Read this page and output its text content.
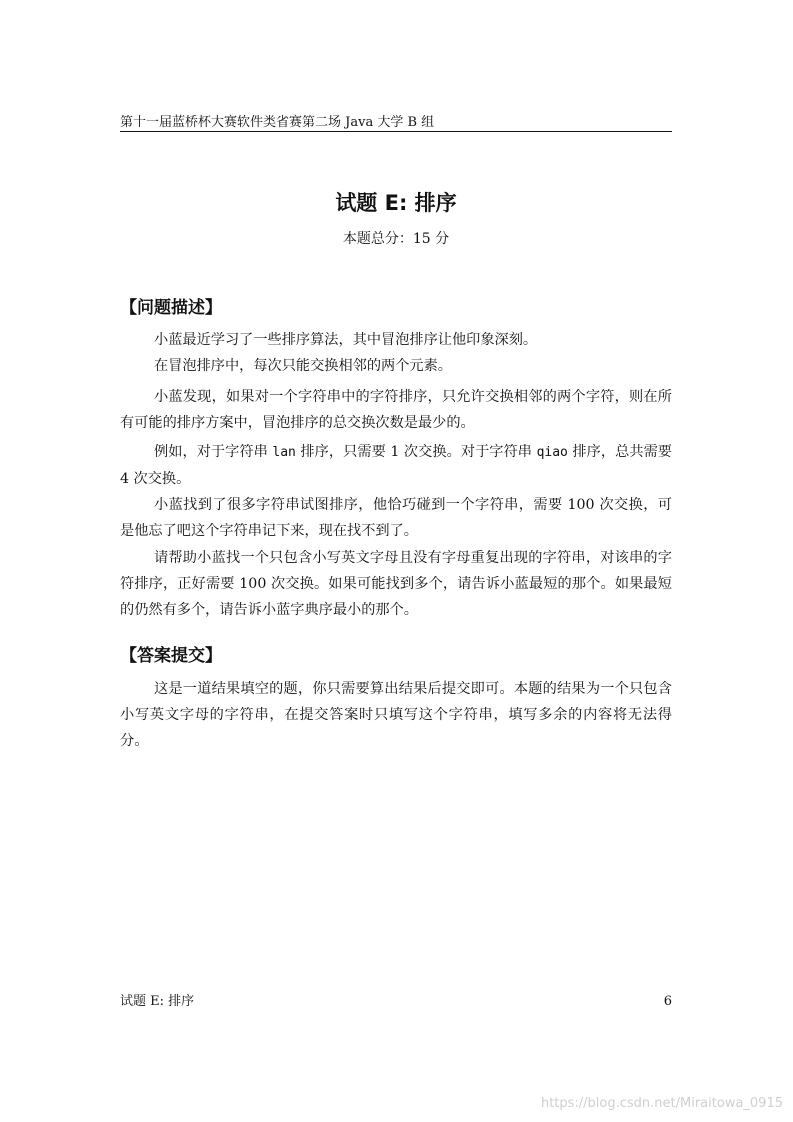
第十一届蓝桥杯大赛软件类省赛第二场 Java 大学 B 组
试题 E: 排序
本题总分：15 分
【问题描述】

小蓝最近学习了一些排序算法，其中冒泡排序让他印象深刻。

在冒泡排序中，每次只能交换相邻的两个元素。

小蓝发现，如果对一个字符串中的字符排序，只允许交换相邻的两个字符，则在所有可能的排序方案中，冒泡排序的总交换次数是最少的。

例如，对于字符串 lan 排序，只需要 1 次交换。对于字符串 qiao 排序，总共需要 4 次交换。

小蓝找到了很多字符串试图排序，他恰巧碰到一个字符串，需要 100 次交换，可是他忘了吧这个字符串记下来，现在找不到了。

请帮助小蓝找一个只包含小写英文字母且没有字母重复出现的字符串，对该串的字符排序，正好需要 100 次交换。如果可能找到多个，请告诉小蓝最短的那个。如果最短的仍然有多个，请告诉小蓝字典序最小的那个。

【答案提交】

这是一道结果填空的题，你只需要算出结果后提交即可。本题的结果为一个只包含小写英文字母的字符串，在提交答案时只填写这个字符串，填写多余的内容将无法得分。

试题 E: 排序	6
https://blog.csdn.net/Miraitowa_0915
